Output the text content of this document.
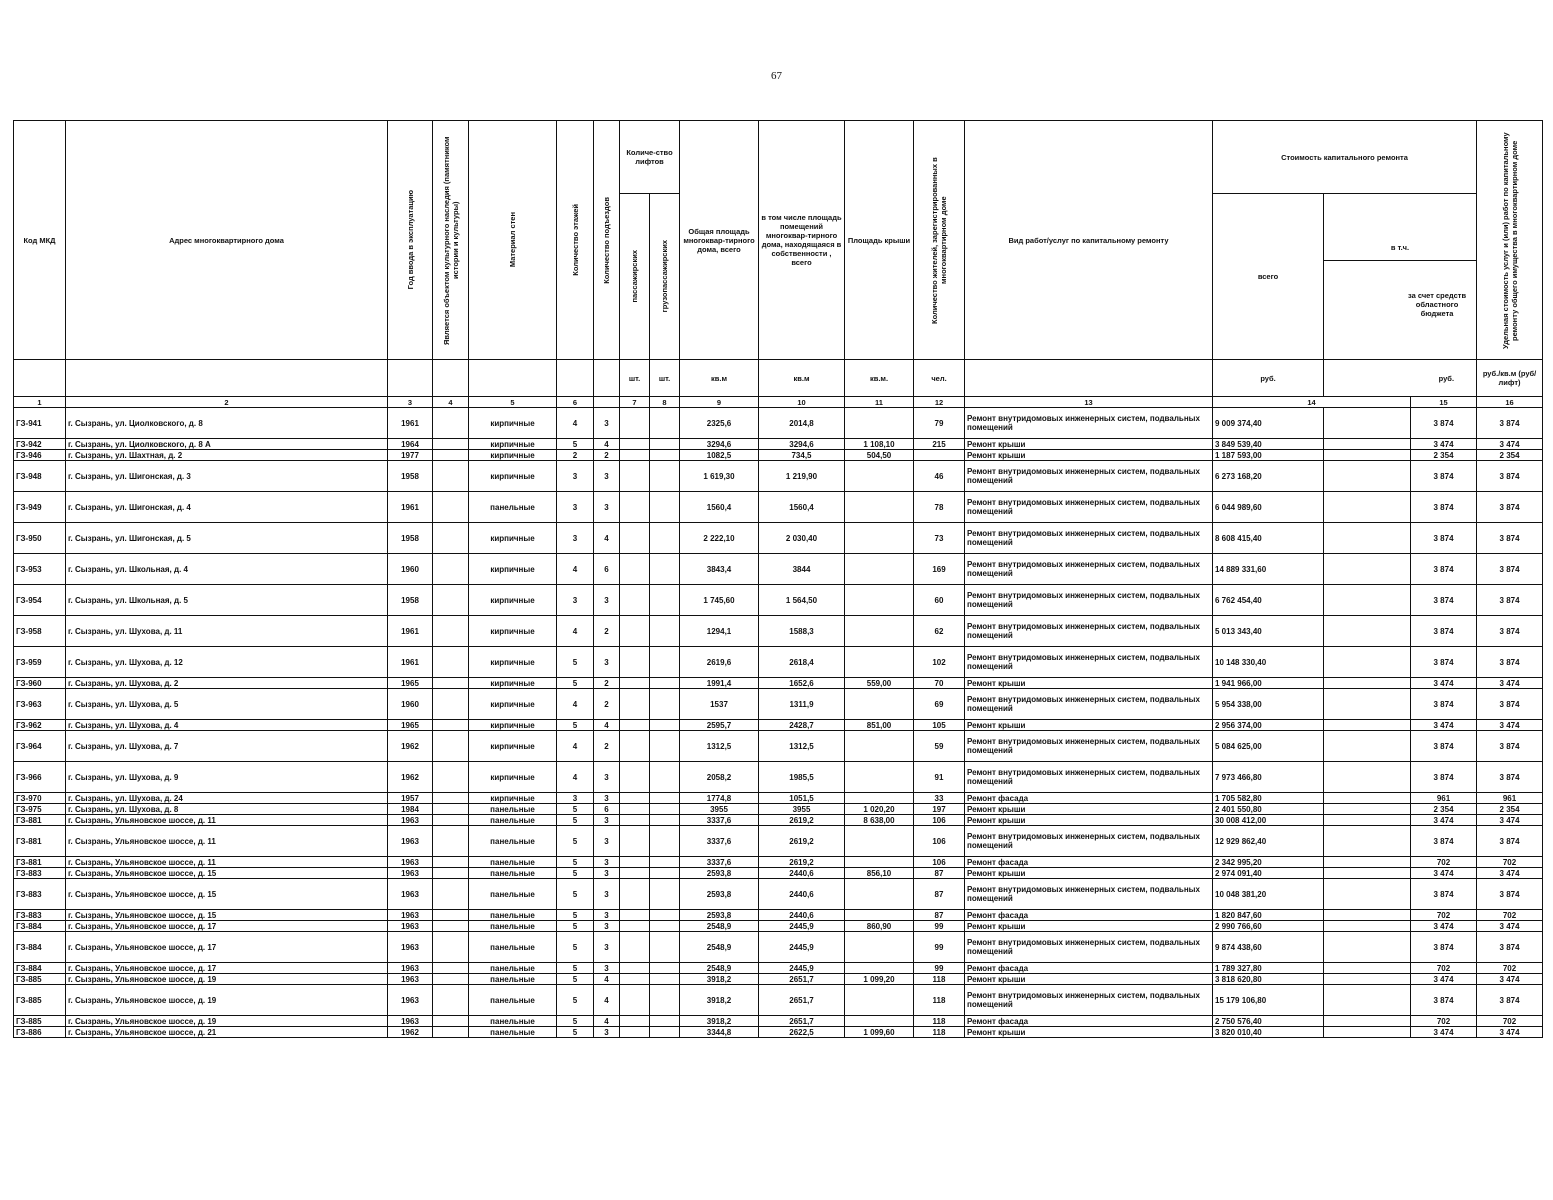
67
Код МКД	Адрес многоквартирного дома	Год ввода в эксплуатацию	Является объектом культурного наследия (памятником истории и культуры)	Материал стен	Количество этажей	Количество подъездов	Количе-ство лифтов		Общая площадь многоквар-тирного дома, всего	в том числе площадь помещений многоквар-тирного дома, находящаяся в собственности , всего	Площадь крыши	Количество жителей, зарегистрированных в многоквартирном доме	Вид работ/услуг по капитальному ремонту	Стоимость капитального ремонта			Удельная стоимость услуг и (или) работ по капитальному ремонту общего имущества в многоквартирном доме

							пассажирских	грузопассажирских						всего	в т.ч.
за счет средств областного бюджета			

							шт.	шт.	кв.м	кв.м	кв.м.	чел.		руб.	руб.		руб./кв.м (руб/лифт)	
1	2	3	4	5	6		7	8	9	10	11	12	13	14		15	16	
ГЗ-941	г. Сызрань, ул. Циолковского, д. 8	1961		кирпичные	4	3			2325,6	2014,8		79	Ремонт внутридомовых инженерных систем, подвальных помещений	9 009 374,40		3 874	3 874	
ГЗ-942	г. Сызрань, ул. Циолковского, д. 8 А	1964		кирпичные	5	4			3294,6	3294,6	1 108,10	215	Ремонт крыши	3 849 539,40		3 474	3 474	
ГЗ-946	г. Сызрань, ул. Шахтная, д. 2	1977		кирпичные	2	2			1082,5	734,5	504,50		Ремонт крыши	1 187 593,00		2 354	2 354	
ГЗ-948	г. Сызрань, ул. Шигонская, д. 3	1958		кирпичные	3	3			1 619,30	1 219,90		46	Ремонт внутридомовых инженерных систем, подвальных помещений	6 273 168,20		3 874	3 874	
ГЗ-949	г. Сызрань, ул. Шигонская, д. 4	1961		панельные	3	3			1560,4	1560,4		78	Ремонт внутридомовых инженерных систем, подвальных помещений	6 044 989,60		3 874	3 874	
ГЗ-950	г. Сызрань, ул. Шигонская, д. 5	1958		кирпичные	3	4			2 222,10	2 030,40		73	Ремонт внутридомовых инженерных систем, подвальных помещений	8 608 415,40		3 874	3 874	
ГЗ-953	г. Сызрань, ул. Школьная, д. 4	1960		кирпичные	4	6			3843,4	3844		169	Ремонт внутридомовых инженерных систем, подвальных помещений	14 889 331,60		3 874	3 874	
ГЗ-954	г. Сызрань, ул. Школьная, д. 5	1958		кирпичные	3	3			1 745,60	1 564,50		60	Ремонт внутридомовых инженерных систем, подвальных помещений	6 762 454,40		3 874	3 874	
ГЗ-958	г. Сызрань, ул. Шухова, д. 11	1961		кирпичные	4	2			1294,1	1588,3		62	Ремонт внутридомовых инженерных систем, подвальных помещений	5 013 343,40		3 874	3 874	
ГЗ-959	г. Сызрань, ул. Шухова, д. 12	1961		кирпичные	5	3			2619,6	2618,4		102	Ремонт внутридомовых инженерных систем, подвальных помещений	10 148 330,40		3 874	3 874	
ГЗ-960	г. Сызрань, ул. Шухова, д. 2	1965		кирпичные	5	2			1991,4	1652,6	559,00	70	Ремонт крыши	1 941 966,00		3 474	3 474	
ГЗ-963	г. Сызрань, ул. Шухова, д. 5	1960		кирпичные	4	2			1537	1311,9		69	Ремонт внутридомовых инженерных систем, подвальных помещений	5 954 338,00		3 874	3 874	
ГЗ-962	г. Сызрань, ул. Шухова, д. 4	1965		кирпичные	5	4			2595,7	2428,7	851,00	105	Ремонт крыши	2 956 374,00		3 474	3 474	
ГЗ-964	г. Сызрань, ул. Шухова, д. 7	1962		кирпичные	4	2			1312,5	1312,5		59	Ремонт внутридомовых инженерных систем, подвальных помещений	5 084 625,00		3 874	3 874	
ГЗ-966	г. Сызрань, ул. Шухова, д. 9	1962		кирпичные	4	3			2058,2	1985,5		91	Ремонт внутридомовых инженерных систем, подвальных помещений	7 973 466,80		3 874	3 874	
ГЗ-970	г. Сызрань, ул. Шухова, д. 24	1957		кирпичные	3	3			1774,8	1051,5		33	Ремонт фасада	1 705 582,80		961	961	
ГЗ-975	г. Сызрань, ул. Шухова, д. 8	1984		панельные	5	6			3955	3955	1 020,20	197	Ремонт крыши	2 401 550,80		2 354	2 354	
ГЗ-881	г. Сызрань, Ульяновское шоссе, д. 11	1963		панельные	5	3			3337,6	2619,2	8 638,00	106	Ремонт крыши	30 008 412,00		3 474	3 474	
ГЗ-881	г. Сызрань, Ульяновское шоссе, д. 11	1963		панельные	5	3			3337,6	2619,2		106	Ремонт внутридомовых инженерных систем, подвальных помещений	12 929 862,40		3 874	3 874	
ГЗ-881	г. Сызрань, Ульяновское шоссе, д. 11	1963		панельные	5	3			3337,6	2619,2		106	Ремонт фасада	2 342 995,20		702	702	
ГЗ-883	г. Сызрань, Ульяновское шоссе, д. 15	1963		панельные	5	3			2593,8	2440,6	856,10	87	Ремонт крыши	2 974 091,40		3 474	3 474	
ГЗ-883	г. Сызрань, Ульяновское шоссе, д. 15	1963		панельные	5	3			2593,8	2440,6		87	Ремонт внутридомовых инженерных систем, подвальных помещений	10 048 381,20		3 874	3 874	
ГЗ-883	г. Сызрань, Ульяновское шоссе, д. 15	1963		панельные	5	3			2593,8	2440,6		87	Ремонт фасада	1 820 847,60		702	702	
ГЗ-884	г. Сызрань, Ульяновское шоссе, д. 17	1963		панельные	5	3			2548,9	2445,9	860,90	99	Ремонт крыши	2 990 766,60		3 474	3 474	
ГЗ-884	г. Сызрань, Ульяновское шоссе, д. 17	1963		панельные	5	3			2548,9	2445,9		99	Ремонт внутридомовых инженерных систем, подвальных помещений	9 874 438,60		3 874	3 874	
ГЗ-884	г. Сызрань, Ульяновское шоссе, д. 17	1963		панельные	5	3			2548,9	2445,9		99	Ремонт фасада	1 789 327,80		702	702	
ГЗ-885	г. Сызрань, Ульяновское шоссе, д. 19	1963		панельные	5	4			3918,2	2651,7	1 099,20	118	Ремонт крыши	3 818 620,80		3 474	3 474	
ГЗ-885	г. Сызрань, Ульяновское шоссе, д. 19	1963		панельные	5	4			3918,2	2651,7		118	Ремонт внутридомовых инженерных систем, подвальных помещений	15 179 106,80		3 874	3 874	
ГЗ-885	г. Сызрань, Ульяновское шоссе, д. 19	1963		панельные	5	4			3918,2	2651,7		118	Ремонт фасада	2 750 576,40		702	702	
ГЗ-886	г. Сызрань, Ульяновское шоссе, д. 21	1962		панельные	5	3			3344,8	2622,5	1 099,60	118	Ремонт крыши	3 820 010,40		3 474	3 474	
